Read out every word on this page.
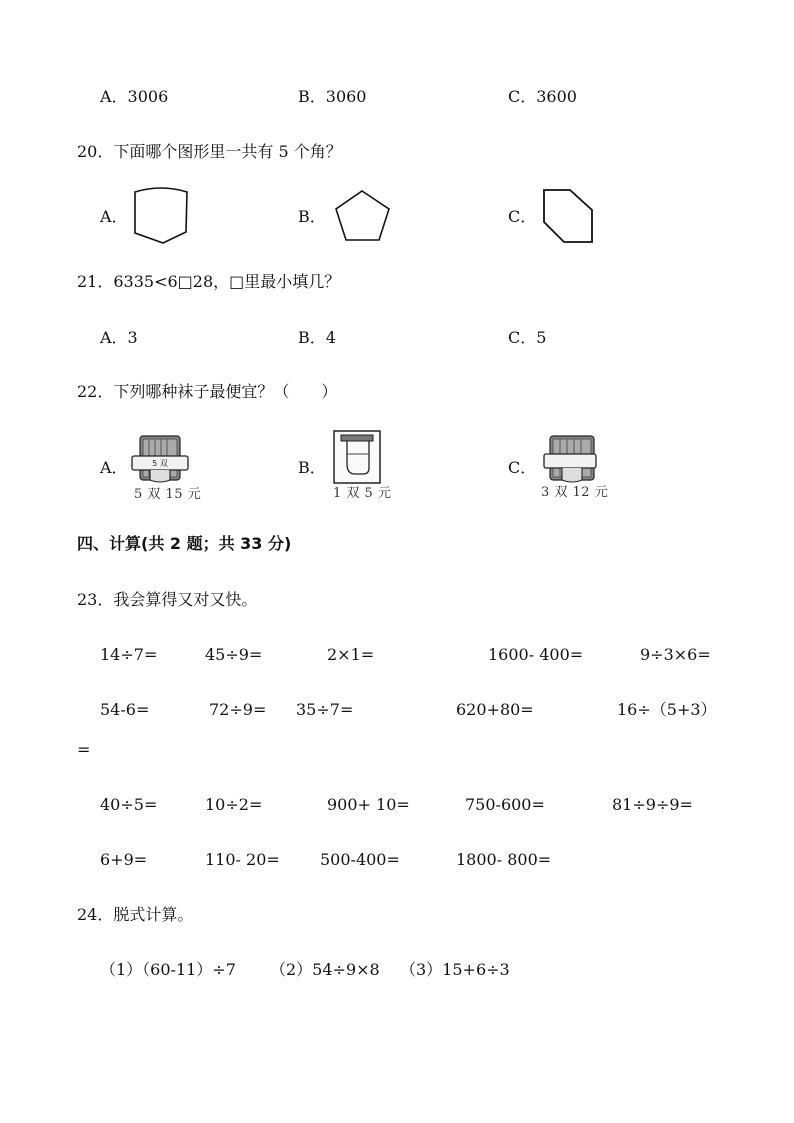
A．3006	B．3060	C．3600
20．下面哪个图形里一共有 5 个角？
A．	B．	C．
21．6335<6□28，□里最小填几？
A．3	B．4	C．5
22．下列哪种袜子最便宜？（　　）
A．	5 双
5 双 15 元
B．
1 双 5 元
C．
3 双 12 元
四、计算(共 2 题；共 33 分)
23．我会算得又对又快。
14÷7=	45÷9=	2×1=	1600- 400=	9÷3×6=
54-6=	72÷9= 35÷7=	620+80=	16÷（5+3）
=
40÷5=	10÷2=	900+ 10=	750-600=	81÷9÷9=
6+9=	110- 20=	500-400=	1800- 800=
24．脱式计算。
（1）（60-11）÷7 （2）54÷9×8 （3）15+6÷3
